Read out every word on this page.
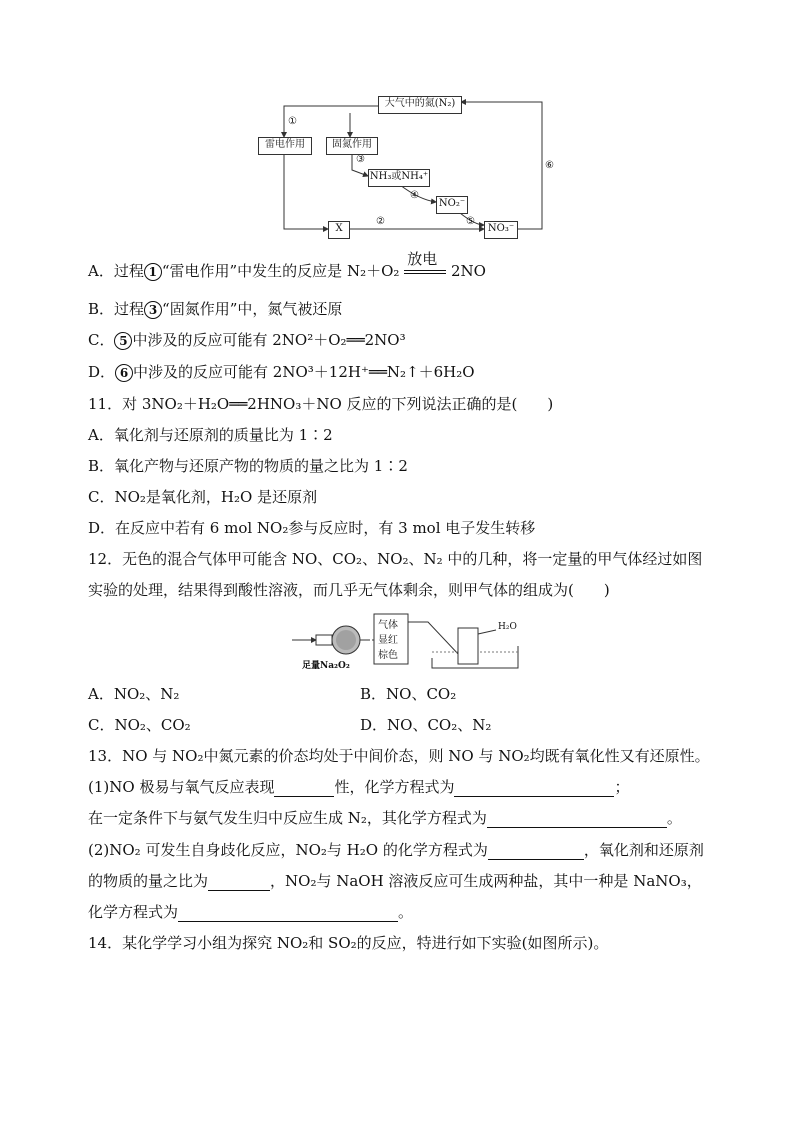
大气中的氮(N₂)
雷电作用	固氮作用
NH₃或NH₄⁺
NO₂⁻
X	NO₃⁻
①
③
④
⑤
②
⑥
A．过程 1 “雷电作用”中发生的反应是 N₂＋O₂
放电
2NO
B．过程 3 “固氮作用”中，氮气被还原
C． 5 中涉及的反应可能有 2NO²＋O₂══2NO³
D． 6 中涉及的反应可能有 2NO³＋12H⁺══N₂↑＋6H₂O
11．对 3NO₂＋H₂O══2HNO₃＋NO 反应的下列说法正确的是(　　)
A．氧化剂与还原剂的质量比为 1∶2
B．氧化产物与还原产物的物质的量之比为 1∶2
C．NO₂是氧化剂，H₂O 是还原剂
D．在反应中若有 6 mol NO₂参与反应时，有 3 mol 电子发生转移
12．无色的混合气体甲可能含 NO、CO₂、NO₂、N₂ 中的几种，将一定量的甲气体经过如图
实验的处理，结果得到酸性溶液，而几乎无气体剩余，则甲气体的组成为(　　)
足量Na₂O₂
气体
显红
棕色
H₂O
A．NO₂、N₂	B．NO、CO₂
C．NO₂、CO₂	D．NO、CO₂、N₂
13．NO 与 NO₂中氮元素的价态均处于中间价态，则 NO 与 NO₂均既有氧化性又有还原性。
(1)NO 极易与氧气反应表现	性，化学方程式为	；
在一定条件下与氨气发生归中反应生成 N₂，其化学方程式为	。
(2)NO₂ 可发生自身歧化反应，NO₂与 H₂O 的化学方程式为	，氧化剂和还原剂
的物质的量之比为	，NO₂与 NaOH 溶液反应可生成两种盐，其中一种是 NaNO₃，
化学方程式为	。
14．某化学学习小组为探究 NO₂和 SO₂的反应，特进行如下实验(如图所示)。
